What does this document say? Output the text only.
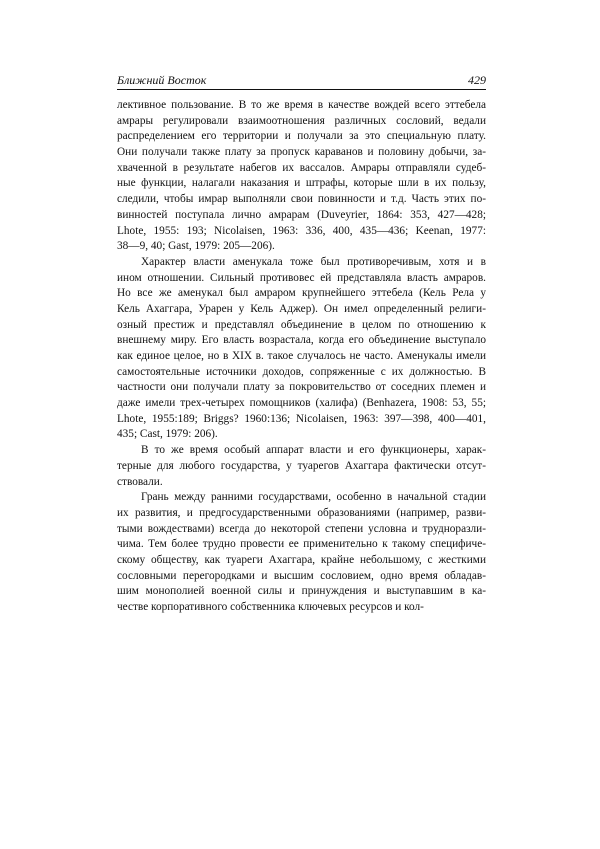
Ближний Восток	429
лективное пользование. В то же время в качестве вождей всего эттебела
амрары регулировали взаимоотношения различных сословий, ведали
распределением его территории и получали за это специальную плату.
Они получали также плату за пропуск караванов и половину добычи, за-
хваченной в результате набегов их вассалов. Амрары отправляли судеб-
ные функции, налагали наказания и штрафы, которые шли в их пользу,
следили, чтобы имрар выполняли свои повинности и т.д. Часть этих по-
винностей поступала лично амрарам (Duveyrier, 1864: 353, 427—428;
Lhote, 1955: 193; Nicolaisen, 1963: 336, 400, 435—436; Keenan, 1977:
38—9, 40; Gast, 1979: 205—206).
Характер власти аменукала тоже был противоречивым, хотя и в
ином отношении. Сильный противовес ей представляла власть амраров.
Но все же аменукал был амраром крупнейшего эттебела (Кель Рела у
Кель Ахаггара, Урарен у Кель Аджер). Он имел определенный религи-
озный престиж и представлял объединение в целом по отношению к
внешнему миру. Его власть возрастала, когда его объединение выступало
как единое целое, но в XIX в. такое случалось не часто. Аменукалы имели
самостоятельные источники доходов, сопряженные с их должностью. В
частности они получали плату за покровительство от соседних племен и
даже имели трех-четырех помощников (халифа) (Benhazera, 1908: 53, 55;
Lhote, 1955:189; Briggs? 1960:136; Nicolaisen, 1963: 397—398, 400—401,
435; Cast, 1979: 206).
В то же время особый аппарат власти и его функционеры, харак-
терные для любого государства, у туарегов Ахаггара фактически отсут-
ствовали.
Грань между ранними государствами, особенно в начальной стадии
их развития, и предгосударственными образованиями (например, разви-
тыми вождествами) всегда до некоторой степени условна и трудноразли-
чима. Тем более трудно провести ее применительно к такому специфиче-
скому обществу, как туареги Ахаггара, крайне небольшому, с жесткими
сословными перегородками и высшим сословием, одно время обладав-
шим монополией военной силы и принуждения и выступавшим в ка-
честве корпоративного собственника ключевых ресурсов и кол-
